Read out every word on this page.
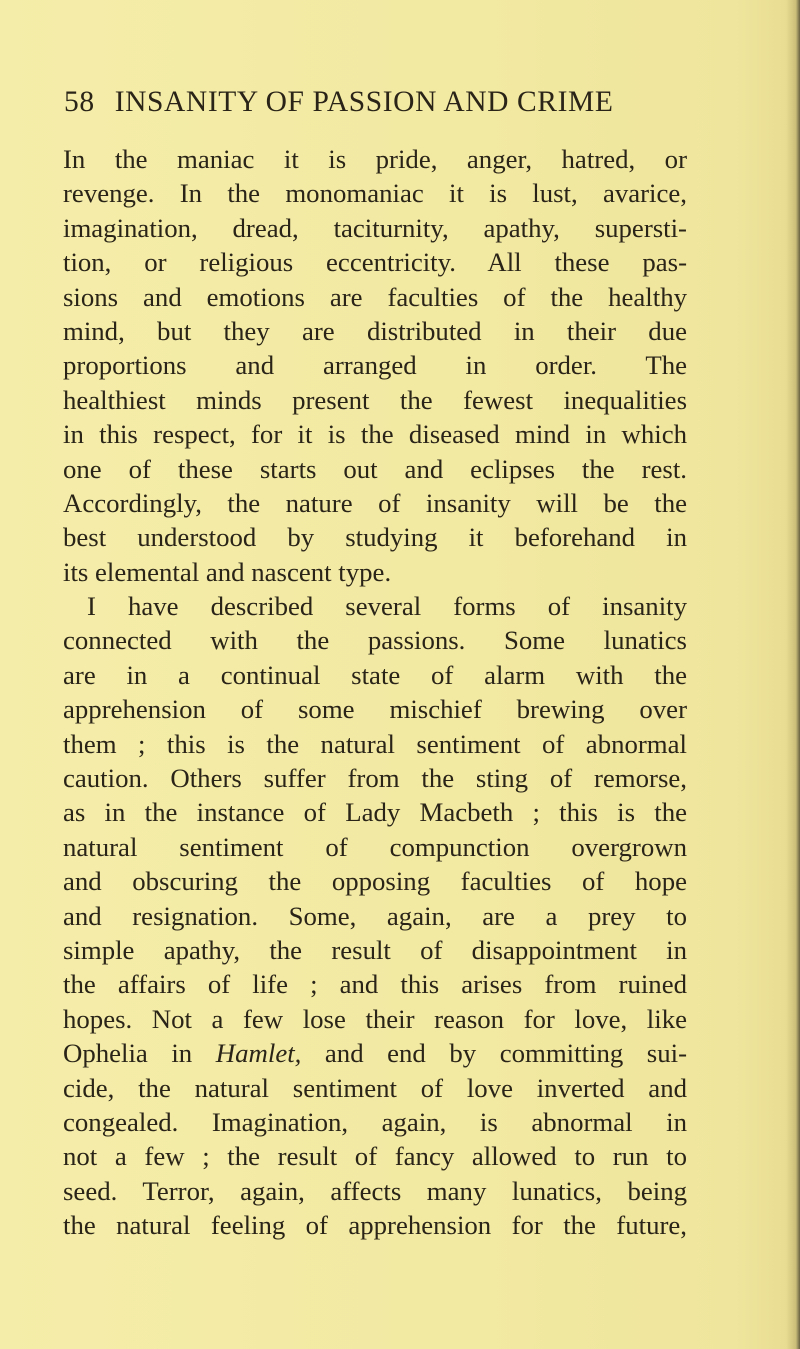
58 INSANITY OF PASSION AND CRIME
In the maniac it is pride, anger, hatred, or
revenge. In the monomaniac it is lust, avarice,
imagination, dread, taciturnity, apathy, supersti-
tion, or religious eccentricity. All these pas-
sions and emotions are faculties of the healthy
mind, but they are distributed in their due
proportions and arranged in order. The
healthiest minds present the fewest inequalities
in this respect, for it is the diseased mind in which
one of these starts out and eclipses the rest.
Accordingly, the nature of insanity will be the
best understood by studying it beforehand in
its elemental and nascent type.
I have described several forms of insanity
connected with the passions. Some lunatics
are in a continual state of alarm with the
apprehension of some mischief brewing over
them ; this is the natural sentiment of abnormal
caution. Others suffer from the sting of remorse,
as in the instance of Lady Macbeth ; this is the
natural sentiment of compunction overgrown
and obscuring the opposing faculties of hope
and resignation. Some, again, are a prey to
simple apathy, the result of disappointment in
the affairs of life ; and this arises from ruined
hopes. Not a few lose their reason for love, like
Ophelia in Hamlet, and end by committing sui-
cide, the natural sentiment of love inverted and
congealed. Imagination, again, is abnormal in
not a few ; the result of fancy allowed to run to
seed. Terror, again, affects many lunatics, being
the natural feeling of apprehension for the future,
